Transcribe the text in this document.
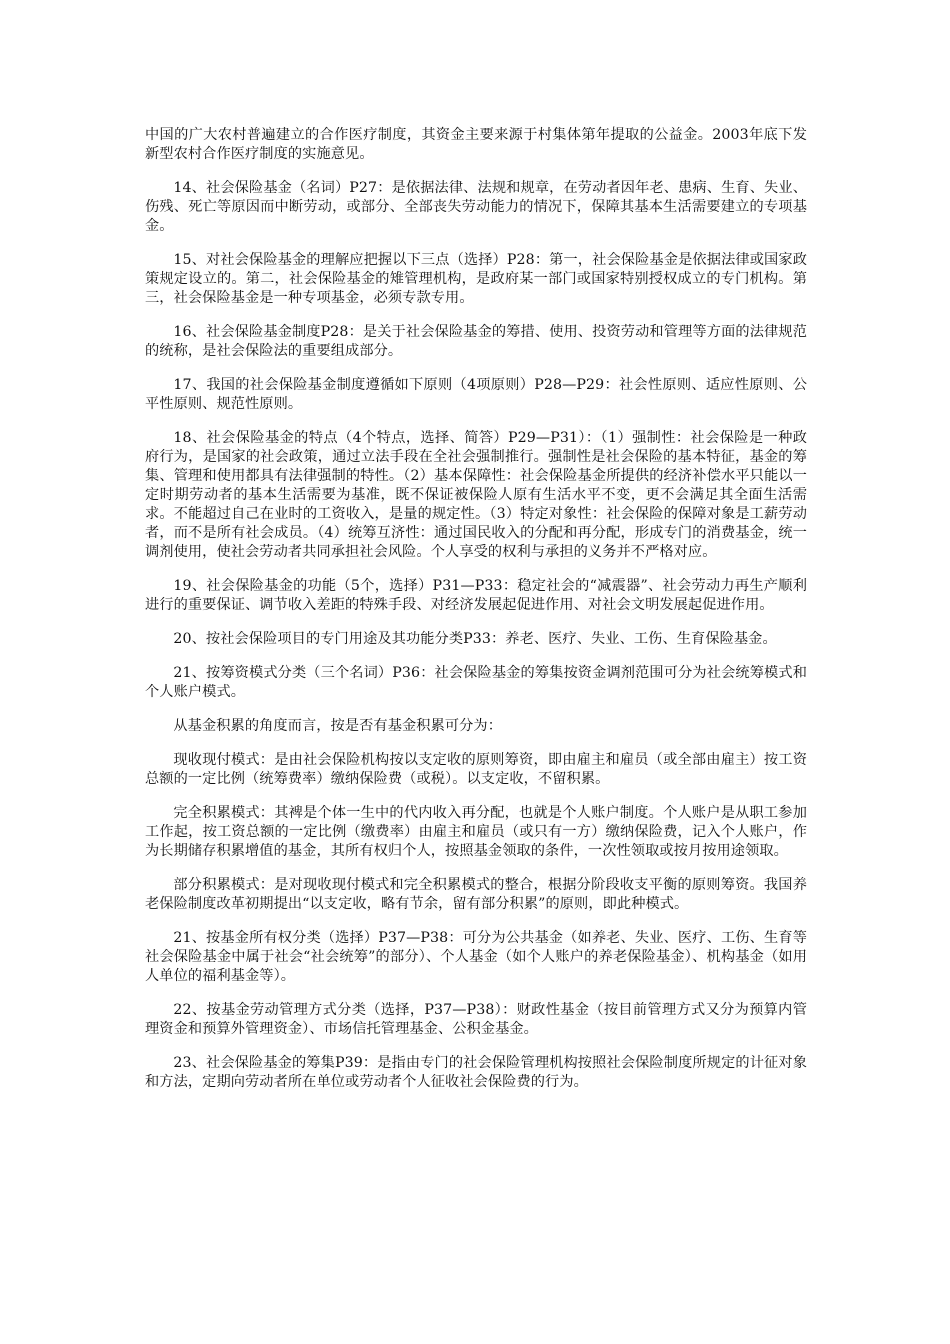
中国的广大农村普遍建立的合作医疗制度，其资金主要来源于村集体第年提取的公益金。2003年底下发新型农村合作医疗制度的实施意见。

14、社会保险基金（名词）P27：是依据法律、法规和规章，在劳动者因年老、患病、生育、失业、伤残、死亡等原因而中断劳动，或部分、全部丧失劳动能力的情况下，保障其基本生活需要建立的专项基金。

15、对社会保险基金的理解应把握以下三点（选择）P28：第一，社会保险基金是依据法律或国家政策规定设立的。第二，社会保险基金的雉管理机构，是政府某一部门或国家特别授权成立的专门机构。第三，社会保险基金是一种专项基金，必须专款专用。

16、社会保险基金制度P28：是关于社会保险基金的筹措、使用、投资劳动和管理等方面的法律规范的统称，是社会保险法的重要组成部分。

17、我国的社会保险基金制度遵循如下原则（4项原则）P28—P29：社会性原则、适应性原则、公平性原则、规范性原则。

18、社会保险基金的特点（4个特点，选择、简答）P29—P31）：（1）强制性：社会保险是一种政府行为，是国家的社会政策，通过立法手段在全社会强制推行。强制性是社会保险的基本特征，基金的筹集、管理和使用都具有法律强制的特性。（2）基本保障性：社会保险基金所提供的经济补偿水平只能以一定时期劳动者的基本生活需要为基准，既不保证被保险人原有生活水平不变，更不会满足其全面生活需求。不能超过自己在业时的工资收入，是量的规定性。（3）特定对象性：社会保险的保障对象是工薪劳动者，而不是所有社会成员。（4）统筹互济性：通过国民收入的分配和再分配，形成专门的消费基金，统一调剂使用，使社会劳动者共同承担社会风险。个人享受的权利与承担的义务并不严格对应。

19、社会保险基金的功能（5个，选择）P31—P33：稳定社会的“减震器”、社会劳动力再生产顺利进行的重要保证、调节收入差距的特殊手段、对经济发展起促进作用、对社会文明发展起促进作用。

20、按社会保险项目的专门用途及其功能分类P33：养老、医疗、失业、工伤、生育保险基金。

21、按筹资模式分类（三个名词）P36：社会保险基金的筹集按资金调剂范围可分为社会统筹模式和个人账户模式。

从基金积累的角度而言，按是否有基金积累可分为：

现收现付模式：是由社会保险机构按以支定收的原则筹资，即由雇主和雇员（或全部由雇主）按工资总额的一定比例（统筹费率）缴纳保险费（或税）。以支定收，不留积累。

完全积累模式：其裨是个体一生中的代内收入再分配，也就是个人账户制度。个人账户是从职工参加工作起，按工资总额的一定比例（缴费率）由雇主和雇员（或只有一方）缴纳保险费，记入个人账户，作为长期储存积累增值的基金，其所有权归个人，按照基金领取的条件，一次性领取或按月按用途领取。

部分积累模式：是对现收现付模式和完全积累模式的整合，根据分阶段收支平衡的原则筹资。我国养老保险制度改革初期提出“以支定收，略有节余，留有部分积累”的原则，即此种模式。

21、按基金所有权分类（选择）P37—P38：可分为公共基金（如养老、失业、医疗、工伤、生育等社会保险基金中属于社会“社会统筹”的部分）、个人基金（如个人账户的养老保险基金）、机构基金（如用人单位的福利基金等）。

22、按基金劳动管理方式分类（选择，P37—P38）：财政性基金（按目前管理方式又分为预算内管理资金和预算外管理资金）、市场信托管理基金、公积金基金。

23、社会保险基金的筹集P39：是指由专门的社会保险管理机构按照社会保险制度所规定的计征对象和方法，定期向劳动者所在单位或劳动者个人征收社会保险费的行为。
